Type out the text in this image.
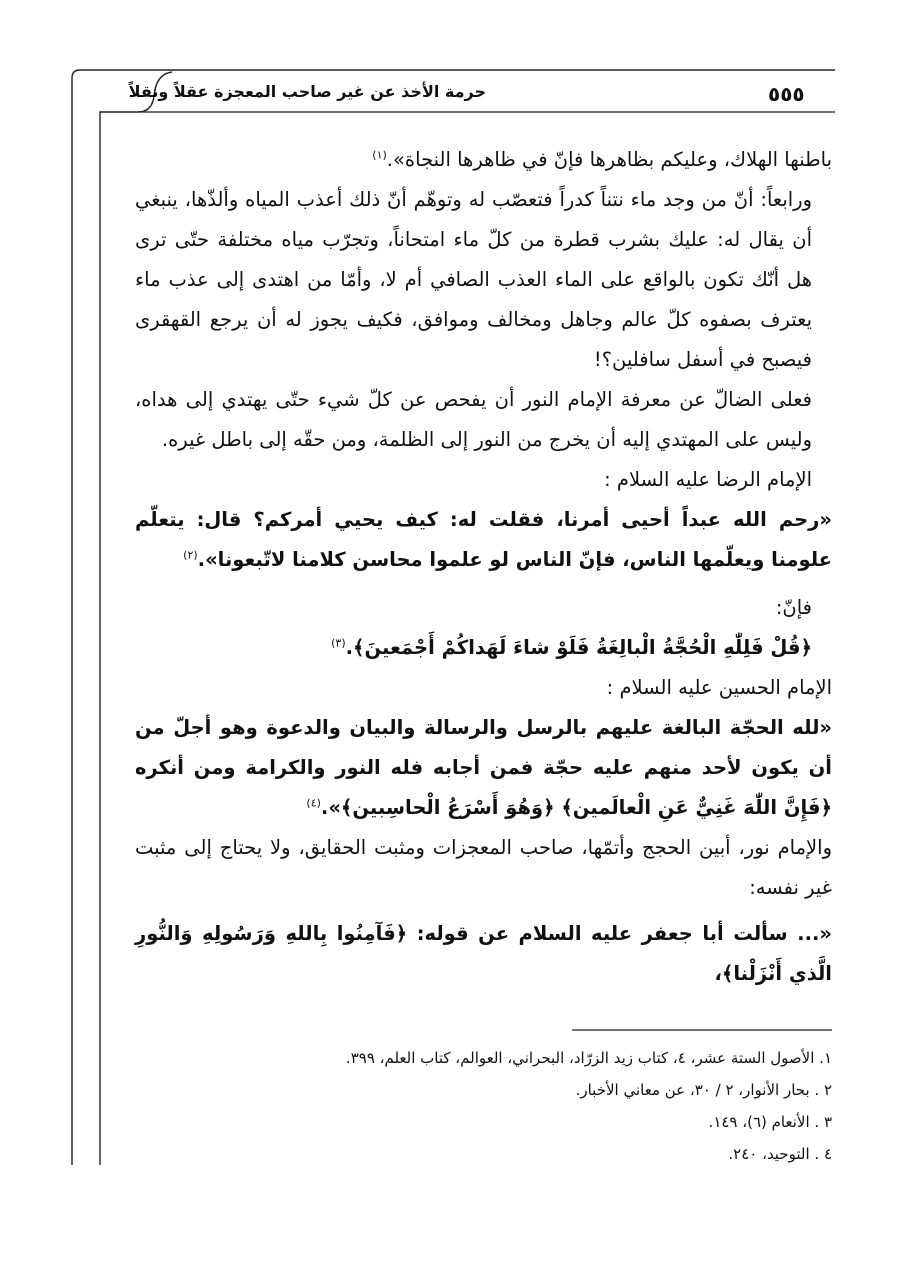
٥٥٥
حرمة الأخذ عن غير صاحب المعجزة عقلاً ونقلاً

باطنها الهلاك، وعليكم بظاهرها فإنّ في ظاهرها النجاة».$^{(١)}$

ورابعاً: أنّ من وجد ماء نتناً كدراً فتعصّب له وتوهّم أنّ ذلك أعذب المياه وألذّها، ينبغي أن يقال له: عليك بشرب قطرة من كلّ ماء امتحاناً، وتجرّب مياه مختلفة حتّى ترى هل أنّك تكون بالواقع على الماء العذب الصافي أم لا، وأمّا من اهتدى إلى عذب ماء يعترف بصفوه كلّ عالم وجاهل ومخالف وموافق، فكيف يجوز له أن يرجع القهقرى فيصبح في أسفل سافلين؟!

فعلى الضالّ عن معرفة الإمام النور أن يفحص عن كلّ شيء حتّى يهتدي إلى هداه، وليس على المهتدي إليه أن يخرج من النور إلى الظلمة، ومن حقّه إلى باطل غيره.

الإمام الرضا عليه السلام :

«رحم الله عبداً أحيى أمرنا، فقلت له: كيف يحيي أمركم؟ قال: يتعلّم علومنا ويعلّمها الناس، فإنّ الناس لو علموا محاسن كلامنا لاتّبعونا».$^{(٢)}$

فإنّ:

﴿قُلْ فَلِلّٰهِ الْحُجَّةُ الْبالِغَةُ فَلَوْ شاءَ لَهَداكُمْ أَجْمَعينَ﴾.$^{(٣)}$

الإمام الحسين عليه السلام :

«لله الحجّة البالغة عليهم بالرسل والرسالة والبيان والدعوة وهو أجلّ من أن يكون لأحد منهم عليه حجّة فمن أجابه فله النور والكرامة ومن أنكره ﴿فَإِنَّ اللّٰهَ غَنِيٌّ عَنِ الْعالَمين﴾ ﴿وَهُوَ أَسْرَعُ الْحاسِبين﴾».$^{(٤)}$

والإمام نور، أبين الحجج وأتمّها، صاحب المعجزات ومثبت الحقايق، ولا يحتاج إلى مثبت غير نفسه:

«... سألت أبا جعفر عليه السلام عن قوله: ﴿فَآمِنُوا بِاللهِ وَرَسُولِهِ وَالنُّورِ الَّذي أَنْزَلْنا﴾،

١. الأصول الستة عشر، ٤، كتاب زيد الزرّاد، البحراني، العوالم، كتاب العلم، ٣٩٩.

٢ . بحار الأنوار، ٢ / ٣٠، عن معاني الأخبار.

٣ . الأنعام (٦)، ١٤٩.

٤ . التوحيد، ٢٤٠.
